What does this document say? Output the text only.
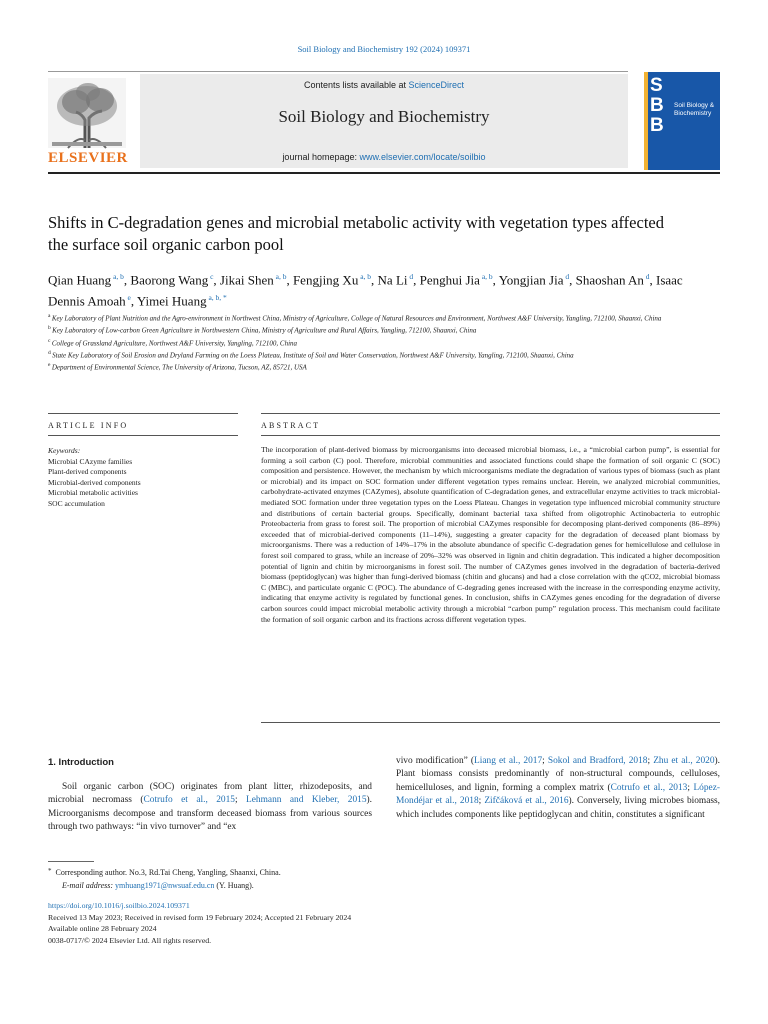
Soil Biology and Biochemistry 192 (2024) 109371
ELSEVIER
Contents lists available at ScienceDirect
Soil Biology and Biochemistry
journal homepage: www.elsevier.com/locate/soilbio
S
B
B
Soil Biology & Biochemistry
Shifts in C-degradation genes and microbial metabolic activity with vegetation types affected the surface soil organic carbon pool
Qian Huang $^{a, b}$, Baorong Wang $^c$, Jikai Shen $^{a, b}$, Fengjing Xu $^{a, b}$, Na Li $^d$, Penghui Jia $^{a, b}$, Yongjian Jia $^d$, Shaoshan An $^d$, Isaac Dennis Amoah $^e$, Yimei Huang $^{a, b, *}$
$^a$ Key Laboratory of Plant Nutrition and the Agro-environment in Northwest China, Ministry of Agriculture, College of Natural Resources and Environment, Northwest A&F University, Yangling, 712100, Shaanxi, China
$^b$ Key Laboratory of Low-carbon Green Agriculture in Northwestern China, Ministry of Agriculture and Rural Affairs, Yangling, 712100, Shaanxi, China
$^c$ College of Grassland Agriculture, Northwest A&F University, Yangling, 712100, China
$^d$ State Key Laboratory of Soil Erosion and Dryland Farming on the Loess Plateau, Institute of Soil and Water Conservation, Northwest A&F University, Yangling, 712100, Shaanxi, China
$^e$ Department of Environmental Science, The University of Arizona, Tucson, AZ, 85721, USA
ARTICLE INFO	ABSTRACT
Keywords:
Microbial CAzyme families
Plant-derived components
Microbial-derived components
Microbial metabolic activities
SOC accumulation
The incorporation of plant-derived biomass by microorganisms into deceased microbial biomass, i.e., a “microbial carbon pump”, is essential for forming a soil carbon (C) pool. Therefore, microbial communities and associated functions could shape the formation of soil organic C (SOC) composition and persistence. However, the mechanism by which microorganisms mediate the degradation of various types of biomass (such as plant or microbial) and its impact on SOC formation under different vegetation types remains unclear. Herein, we analyzed microbial communities, carbohydrate-activated enzymes (CAZymes), absolute quantification of C-degradation genes, and extracellular enzyme activities to track microbial-mediated SOC formation under three vegetation types on the Loess Plateau. Changes in vegetation type influenced microbial community structure and distributions of certain bacterial groups. Specifically, dominant bacterial taxa shifted from oligotrophic Actinobacteria to eutrophic Proteobacteria from grass to forest soil. The proportion of microbial CAZymes responsible for decomposing plant-derived components (86–89%) exceeded that of microbial-derived components (11–14%), suggesting a greater capacity for the degradation of deceased plant biomass by microorganisms. There was a reduction of 14%–17% in the absolute abundance of specific C-degradation genes for hemicellulose and cellulose in forest soil compared to grass, while an increase of 20%–32% was observed in lignin and chitin degradation. This indicated a higher decomposition potential of lignin and chitin by microorganisms in forest soil. The number of CAZymes genes involved in the degradation of bacteria-derived biomass (peptidoglycan) was higher than fungi-derived biomass (chitin and glucans) and had a close correlation with the qCO2, microbial biomass C (MBC), and particulate organic C (POC). The abundance of C-degrading genes increased with the increase in the corresponding enzyme activity, indicating that enzyme activity is regulated by functional genes. In conclusion, shifts in CAZymes genes encoding for the degradation of diverse carbon sources could impact microbial metabolic activity through a microbial “carbon pump” regulation process. This mechanism could facilitate the formation of soil organic carbon and its fractions across different vegetation types.
1. Introduction
Soil organic carbon (SOC) originates from plant litter, rhizodeposits, and microbial necromass (Cotrufo et al., 2015; Lehmann and Kleber, 2015). Microorganisms decompose and transform deceased biomass from various sources through two pathways: “in vivo turnover” and “ex
vivo modification” (Liang et al., 2017; Sokol and Bradford, 2018; Zhu et al., 2020). Plant biomass consists predominantly of non-structural compounds, celluloses, hemicelluloses, and lignin, forming a complex matrix (Cotrufo et al., 2013; López-Mondéjar et al., 2018; Zifčáková et al., 2016). Conversely, living microbes biomass, which includes components like peptidoglycan and chitin, constitutes a significant
* Corresponding author. No.3, Rd.Tai Cheng, Yangling, Shaanxi, China.
E-mail address: ymhuang1971@nwsuaf.edu.cn (Y. Huang).
https://doi.org/10.1016/j.soilbio.2024.109371
Received 13 May 2023; Received in revised form 19 February 2024; Accepted 21 February 2024
Available online 28 February 2024
0038-0717/© 2024 Elsevier Ltd. All rights reserved.
